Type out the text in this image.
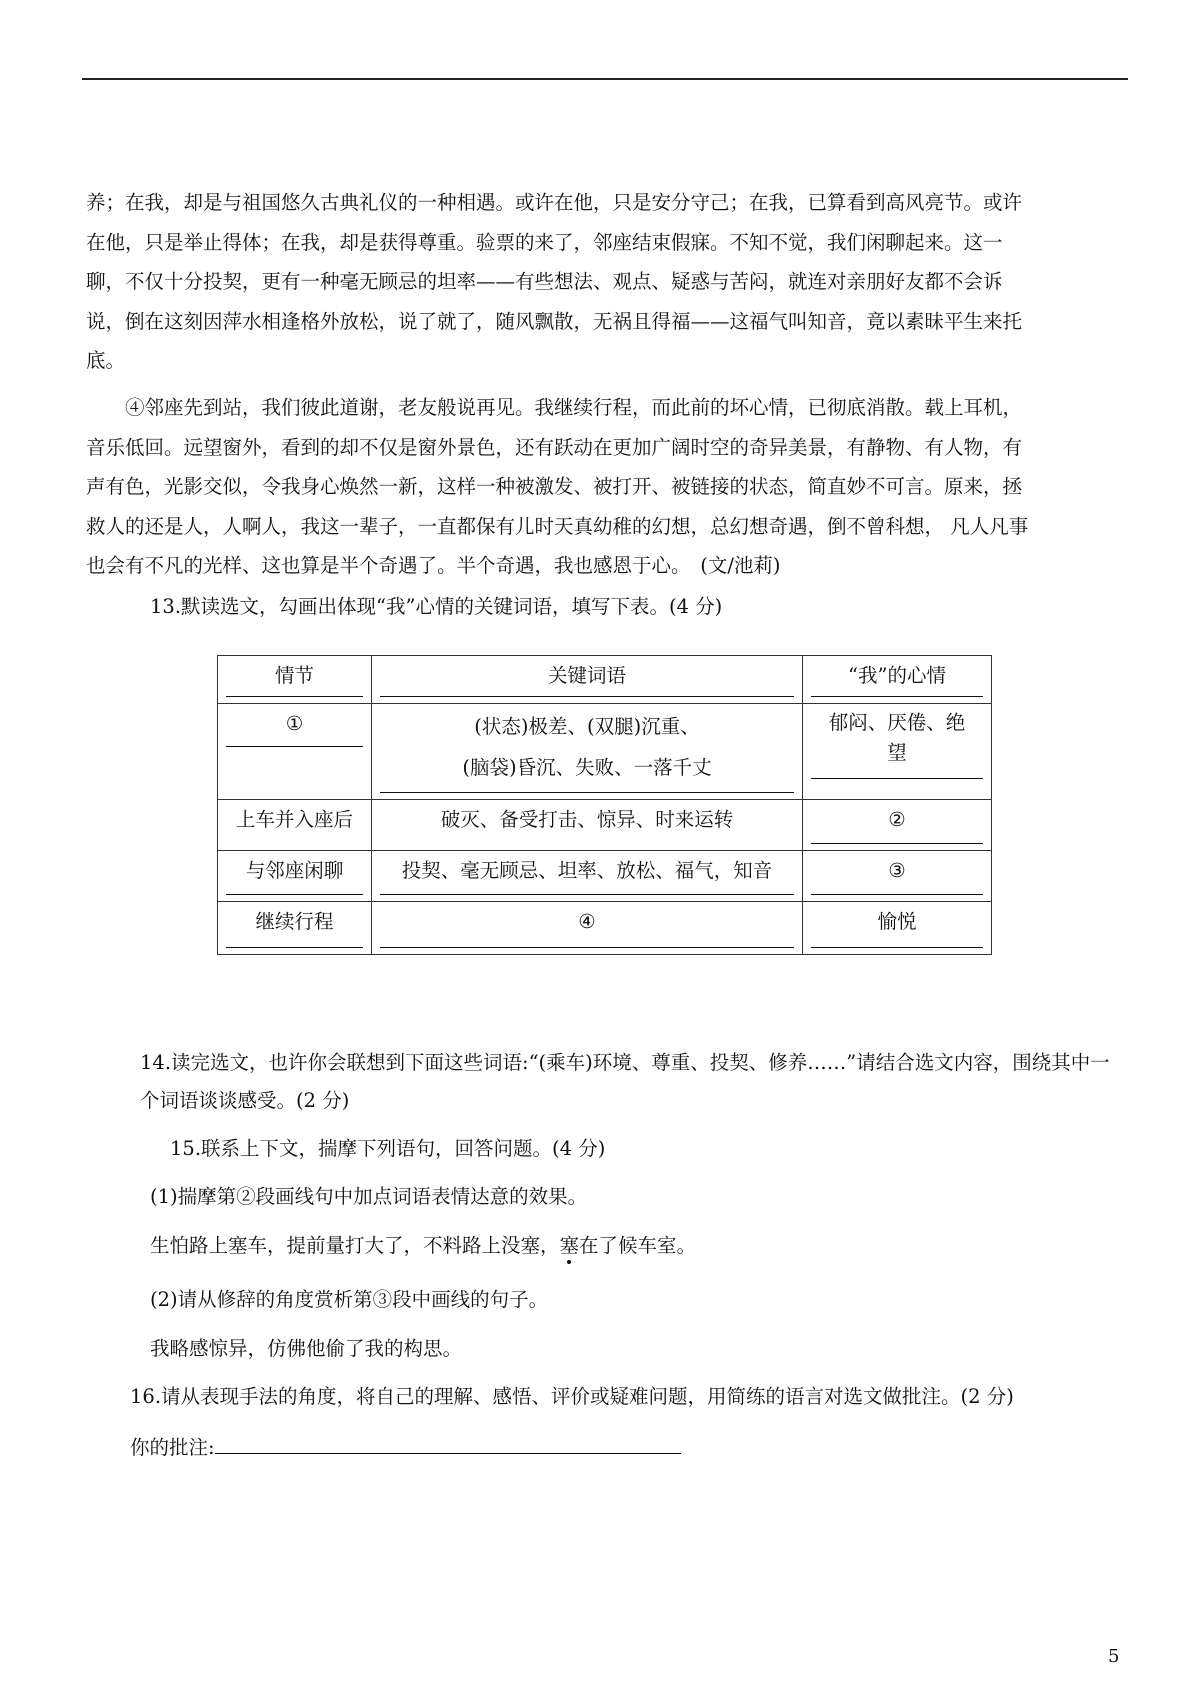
养；在我，却是与祖国悠久古典礼仪的一种相遇。或许在他，只是安分守己；在我，已算看到高风亮节。或许
在他，只是举止得体；在我，却是获得尊重。验票的来了，邻座结束假寐。不知不觉，我们闲聊起来。这一
聊，不仅十分投契，更有一种毫无顾忌的坦率——有些想法、观点、疑惑与苦闷，就连对亲朋好友都不会诉
说，倒在这刻因萍水相逢格外放松，说了就了，随风飘散，无祸且得福——这福气叫知音，竟以素昧平生来托
底。
　　④邻座先到站，我们彼此道谢，老友般说再见。我继续行程，而此前的坏心情，已彻底消散。载上耳机，
音乐低回。远望窗外，看到的却不仅是窗外景色，还有跃动在更加广阔时空的奇异美景，有静物、有人物，有
声有色，光影交似，令我身心焕然一新，这样一种被激发、被打开、被链接的状态，简直妙不可言。原来，拯
救人的还是人，人啊人，我这一辈子，一直都保有儿时天真幼稚的幻想，总幻想奇遇，倒不曾科想， 凡人凡事
也会有不凡的光样、这也算是半个奇遇了。半个奇遇，我也感恩于心。　(文/池莉)

13.默读选文，勾画出体现“我”心情的关键词语，填写下表。(4 分)

情节	关键词语	“我”的心情

①	(状态)极差、(双腿)沉重、
(脑袋)昏沉、失败、一落千丈	郁闷、厌倦、绝
望

上车并入座后	破灭、备受打击、惊异、时来运转	②

与邻座闲聊	投契、毫无顾忌、坦率、放松、福气，知音	③

继续行程	④	愉悦

14.读完选文，也许你会联想到下面这些词语:“(乘车)环境、尊重、投契、修养……”请结合选文内容，围绕其中一个词语谈谈感受。(2 分)

15.联系上下文，揣摩下列语句，回答问题。(4 分)

(1)揣摩第②段画线句中加点词语表情达意的效果。

生怕路上塞车，提前量打大了，不料路上没塞，塞在了候车室。

(2)请从修辞的角度赏析第③段中画线的句子。

我略感惊异，仿佛他偷了我的构思。

16.请从表现手法的角度，将自己的理解、感悟、评价或疑难问题，用简练的语言对选文做批注。(2 分)

你的批注:

5
